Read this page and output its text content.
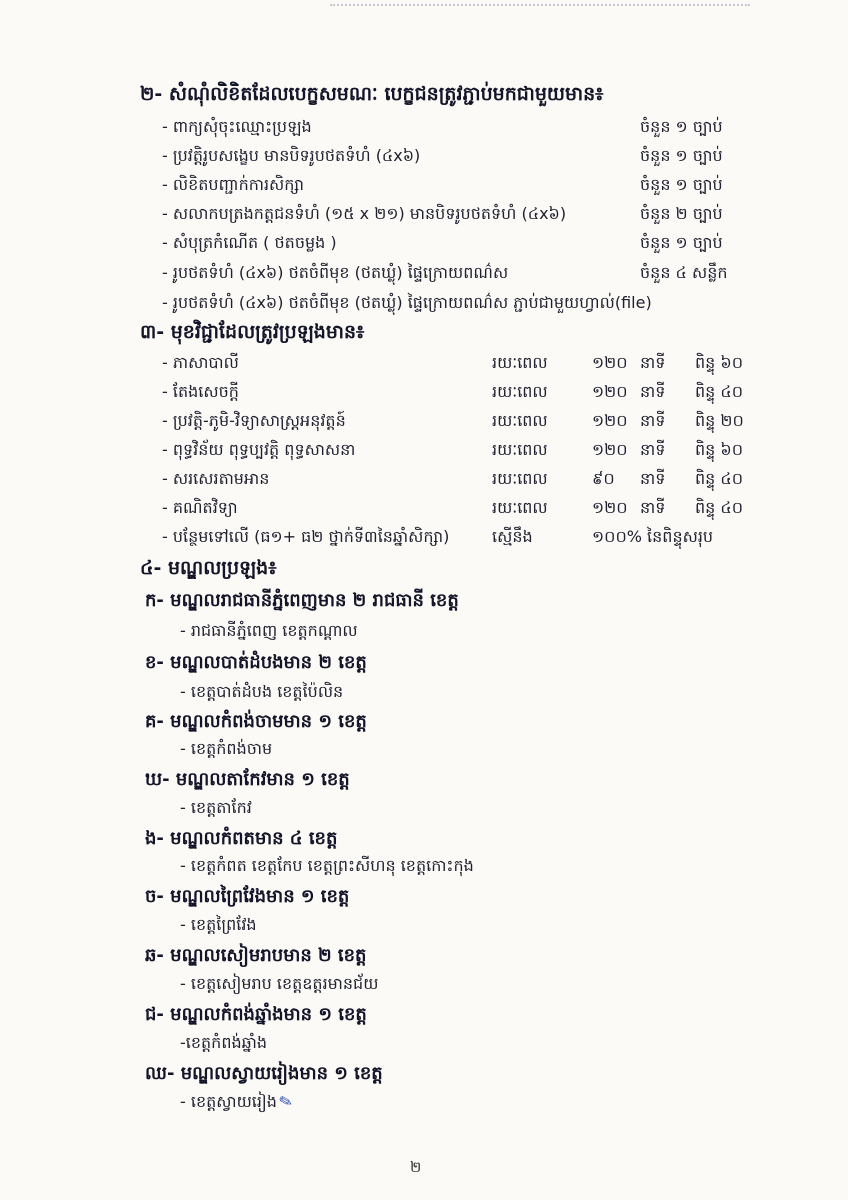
២- សំណុំលិខិតដែលបេក្ខសមណៈ បេក្ខជនត្រូវភ្ជាប់មកជាមួយមាន៖
- ពាក្យសុំចុះឈ្មោះប្រឡង	ចំនួន ១ ច្បាប់
- ប្រវត្តិរូបសង្ខេប មានបិទរូបថតទំហំ (៤x៦)	ចំនួន ១ ច្បាប់
- លិខិតបញ្ជាក់ការសិក្សា	ចំនួន ១ ច្បាប់
- សលាកបត្រងកត្តជនទំហំ (១៥ x ២១) មានបិទរូបថតទំហំ (៤x៦)	ចំនួន ២ ច្បាប់
- សំបុត្រកំណើត ( ថតចម្លង )	ចំនួន ១ ច្បាប់
- រូបថតទំហំ (៤x៦) ថតចំពីមុខ (ថតឃ្លុំ) ផ្ទៃក្រោយពណ៌ស	ចំនួន ៤ សន្លឹក
- រូបថតទំហំ (៤x៦) ថតចំពីមុខ (ថតឃ្លុំ) ផ្ទៃក្រោយពណ៌ស ភ្ជាប់ជាមួយហ្វាល់(file)
៣- មុខវិជ្ជាដែលត្រូវប្រឡងមាន៖
- ភាសាបាលី	រយៈពេល	១២០ នាទី ពិន្ទុ ៦០
- តែងសេចក្ដី	រយៈពេល	១២០ នាទី ពិន្ទុ ៤០
- ប្រវត្តិ-ភូមិ-វិទ្យាសាស្ត្រអនុវត្តន៍	រយៈពេល	១២០ នាទី ពិន្ទុ ២០
- ពុទ្ធវិន័យ ពុទ្ធប្បវត្តិ ពុទ្ធសាសនា	រយៈពេល	១២០ នាទី ពិន្ទុ ៦០
- សរសេរតាមអាន	រយៈពេល	៩០ នាទី ពិន្ទុ ៤០
- គណិតវិទ្យា	រយៈពេល	១២០ នាទី ពិន្ទុ ៤០
- បន្ថែមទៅលើ (ធ១+ ធ២ ថ្នាក់ទី៣នៃឆ្នាំសិក្សា)	ស្មើនឹង	១០០% នៃពិន្ទុសរុប
៤- មណ្ឌលប្រឡង៖
ក- មណ្ឌលរាជធានីភ្នំពេញមាន ២ រាជធានី ខេត្ត
- រាជធានីភ្នំពេញ ខេត្តកណ្ដាល
ខ- មណ្ឌលបាត់ដំបងមាន ២ ខេត្ត
- ខេត្តបាត់ដំបង ខេត្តប៉ៃលិន
គ- មណ្ឌលកំពង់ចាមមាន ១ ខេត្ត
- ខេត្តកំពង់ចាម
ឃ- មណ្ឌលតាកែវមាន ១ ខេត្ត
- ខេត្តតាកែវ
ង- មណ្ឌលកំពតមាន ៤ ខេត្ត
- ខេត្តកំពត ខេត្តកែប ខេត្តព្រះសីហនុ ខេត្តកោះកុង
ច- មណ្ឌលព្រៃវែងមាន ១ ខេត្ត
- ខេត្តព្រៃវែង
ឆ- មណ្ឌលសៀមរាបមាន ២ ខេត្ត
- ខេត្តសៀមរាប ខេត្តឧត្តរមានជ័យ
ជ- មណ្ឌលកំពង់ឆ្នាំងមាន ១ ខេត្ត
-ខេត្តកំពង់ឆ្នាំង
ឈ- មណ្ឌលស្វាយរៀងមាន ១ ខេត្ត
- ខេត្តស្វាយរៀង✎
២
